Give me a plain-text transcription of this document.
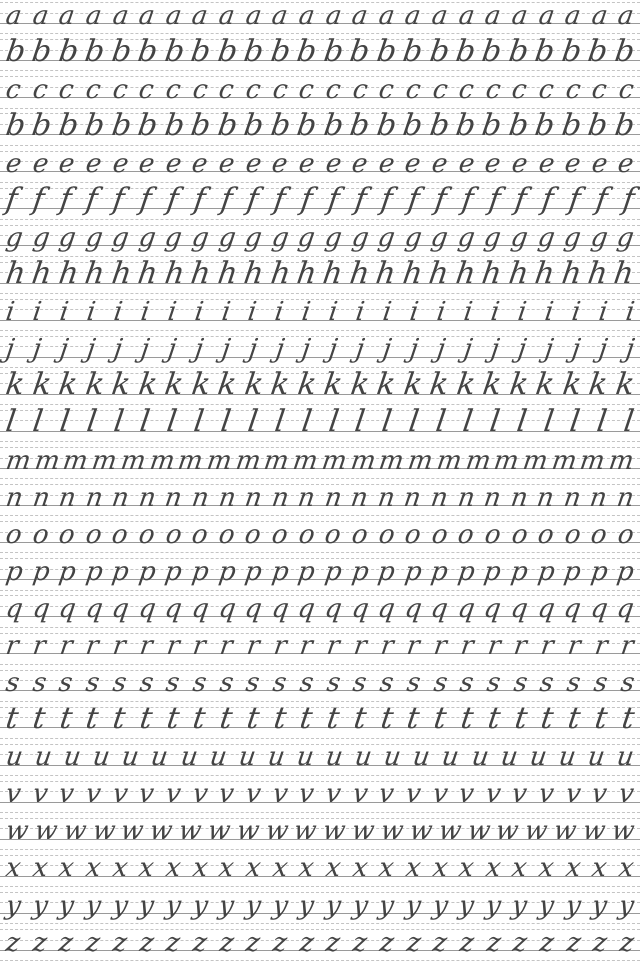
a a a a a a a a a a a a a a a a a a a a a a a a
b b b b b b b b b b b b b b b b b b b b b b b b
c c c c c c c c c c c c c c c c c c c c c c c c
b b b b b b b b b b b b b b b b b b b b b b b b
e e e e e e e e e e e e e e e e e e e e e e e e
f f f f f f f f f f f f f f f f f f f f f f f f
g g g g g g g g g g g g g g g g g g g g g g g g
h h h h h h h h h h h h h h h h h h h h h h h h
i i i i i i i i i i i i i i i i i i i i i i i i
j j j j j j j j j j j j j j j j j j j j j j j j
k k k k k k k k k k k k k k k k k k k k k k k k
l l l l l l l l l l l l l l l l l l l l l l l l
m m m m m m m m m m m m m m m m m m m m m m
n n n n n n n n n n n n n n n n n n n n n n n n
o o o o o o o o o o o o o o o o o o o o o o o o
p p p p p p p p p p p p p p p p p p p p p p p p
q q q q q q q q q q q q q q q q q q q q q q q q
r r r r r r r r r r r r r r r r r r r r r r r r
s s s s s s s s s s s s s s s s s s s s s s s s
t t t t t t t t t t t t t t t t t t t t t t t t
u u u u u u u u u u u u u u u u u u u u u u
v v v v v v v v v v v v v v v v v v v v v v v v
w w w w w w w w w w w w w w w w w w w w w w
x x x x x x x x x x x x x x x x x x x x x x x x
y y y y y y y y y y y y y y y y y y y y y y y y
z z z z z z z z z z z z z z z z z z z z z z z z
